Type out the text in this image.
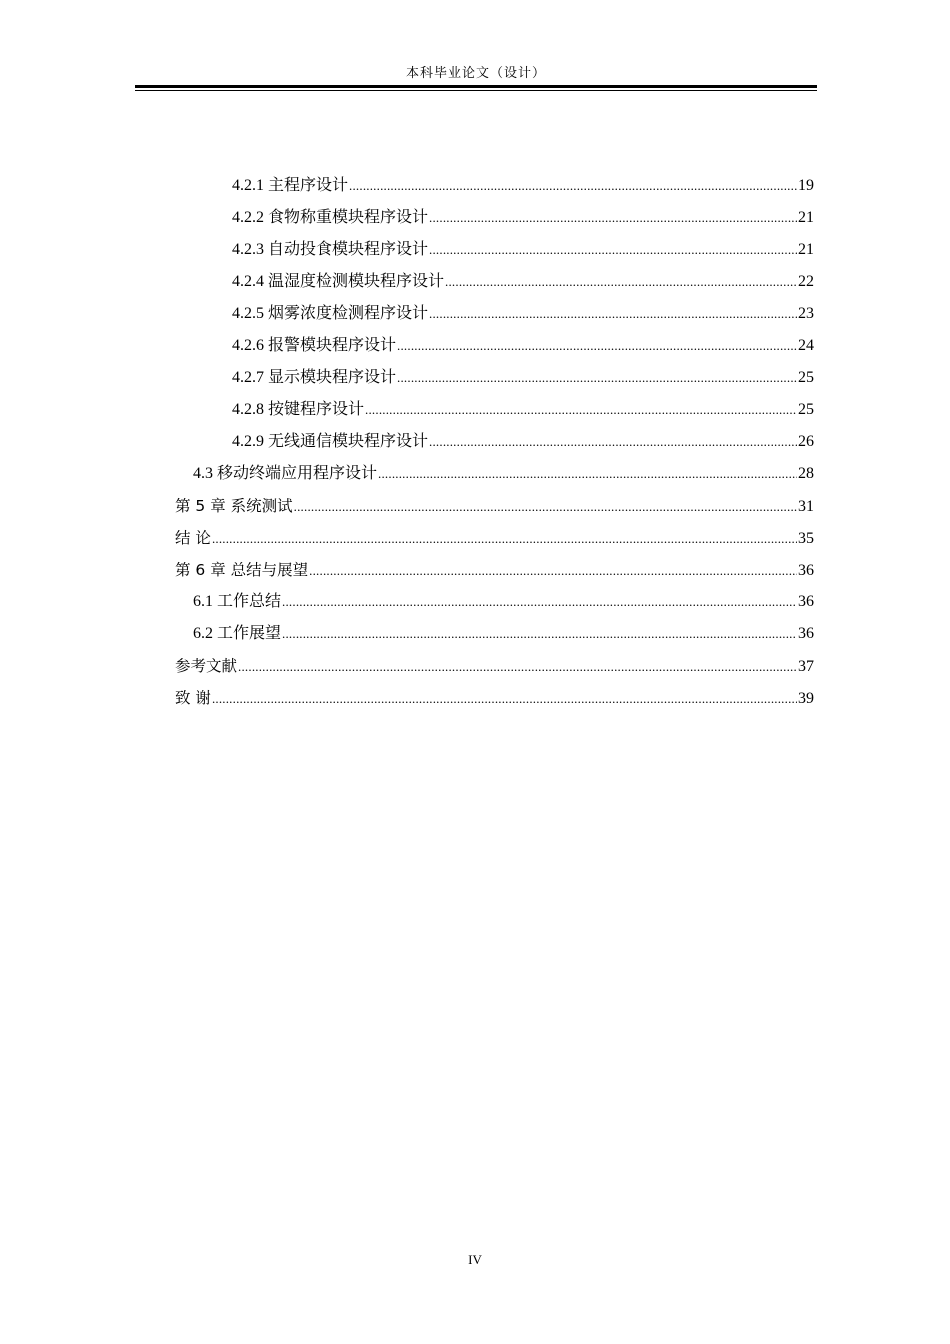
本科毕业论文（设计）
4.2.1 主程序设计 .....	19
4.2.2 食物称重模块程序设计 .....	21
4.2.3 自动投食模块程序设计 .....	21
4.2.4 温湿度检测模块程序设计 .....	22
4.2.5 烟雾浓度检测程序设计 .....	23
4.2.6 报警模块程序设计 .....	24
4.2.7 显示模块程序设计 .....	25
4.2.8 按键程序设计 .....	25
4.2.9 无线通信模块程序设计 .....	26
4.3 移动终端应用程序设计 .....	28
第 5 章 系统测试 .....	31
结 论 .....	35
第 6 章 总结与展望 .....	36
6.1 工作总结 .....	36
6.2 工作展望 .....	36
参考文献 .....	37
致 谢 .....	39
IV
